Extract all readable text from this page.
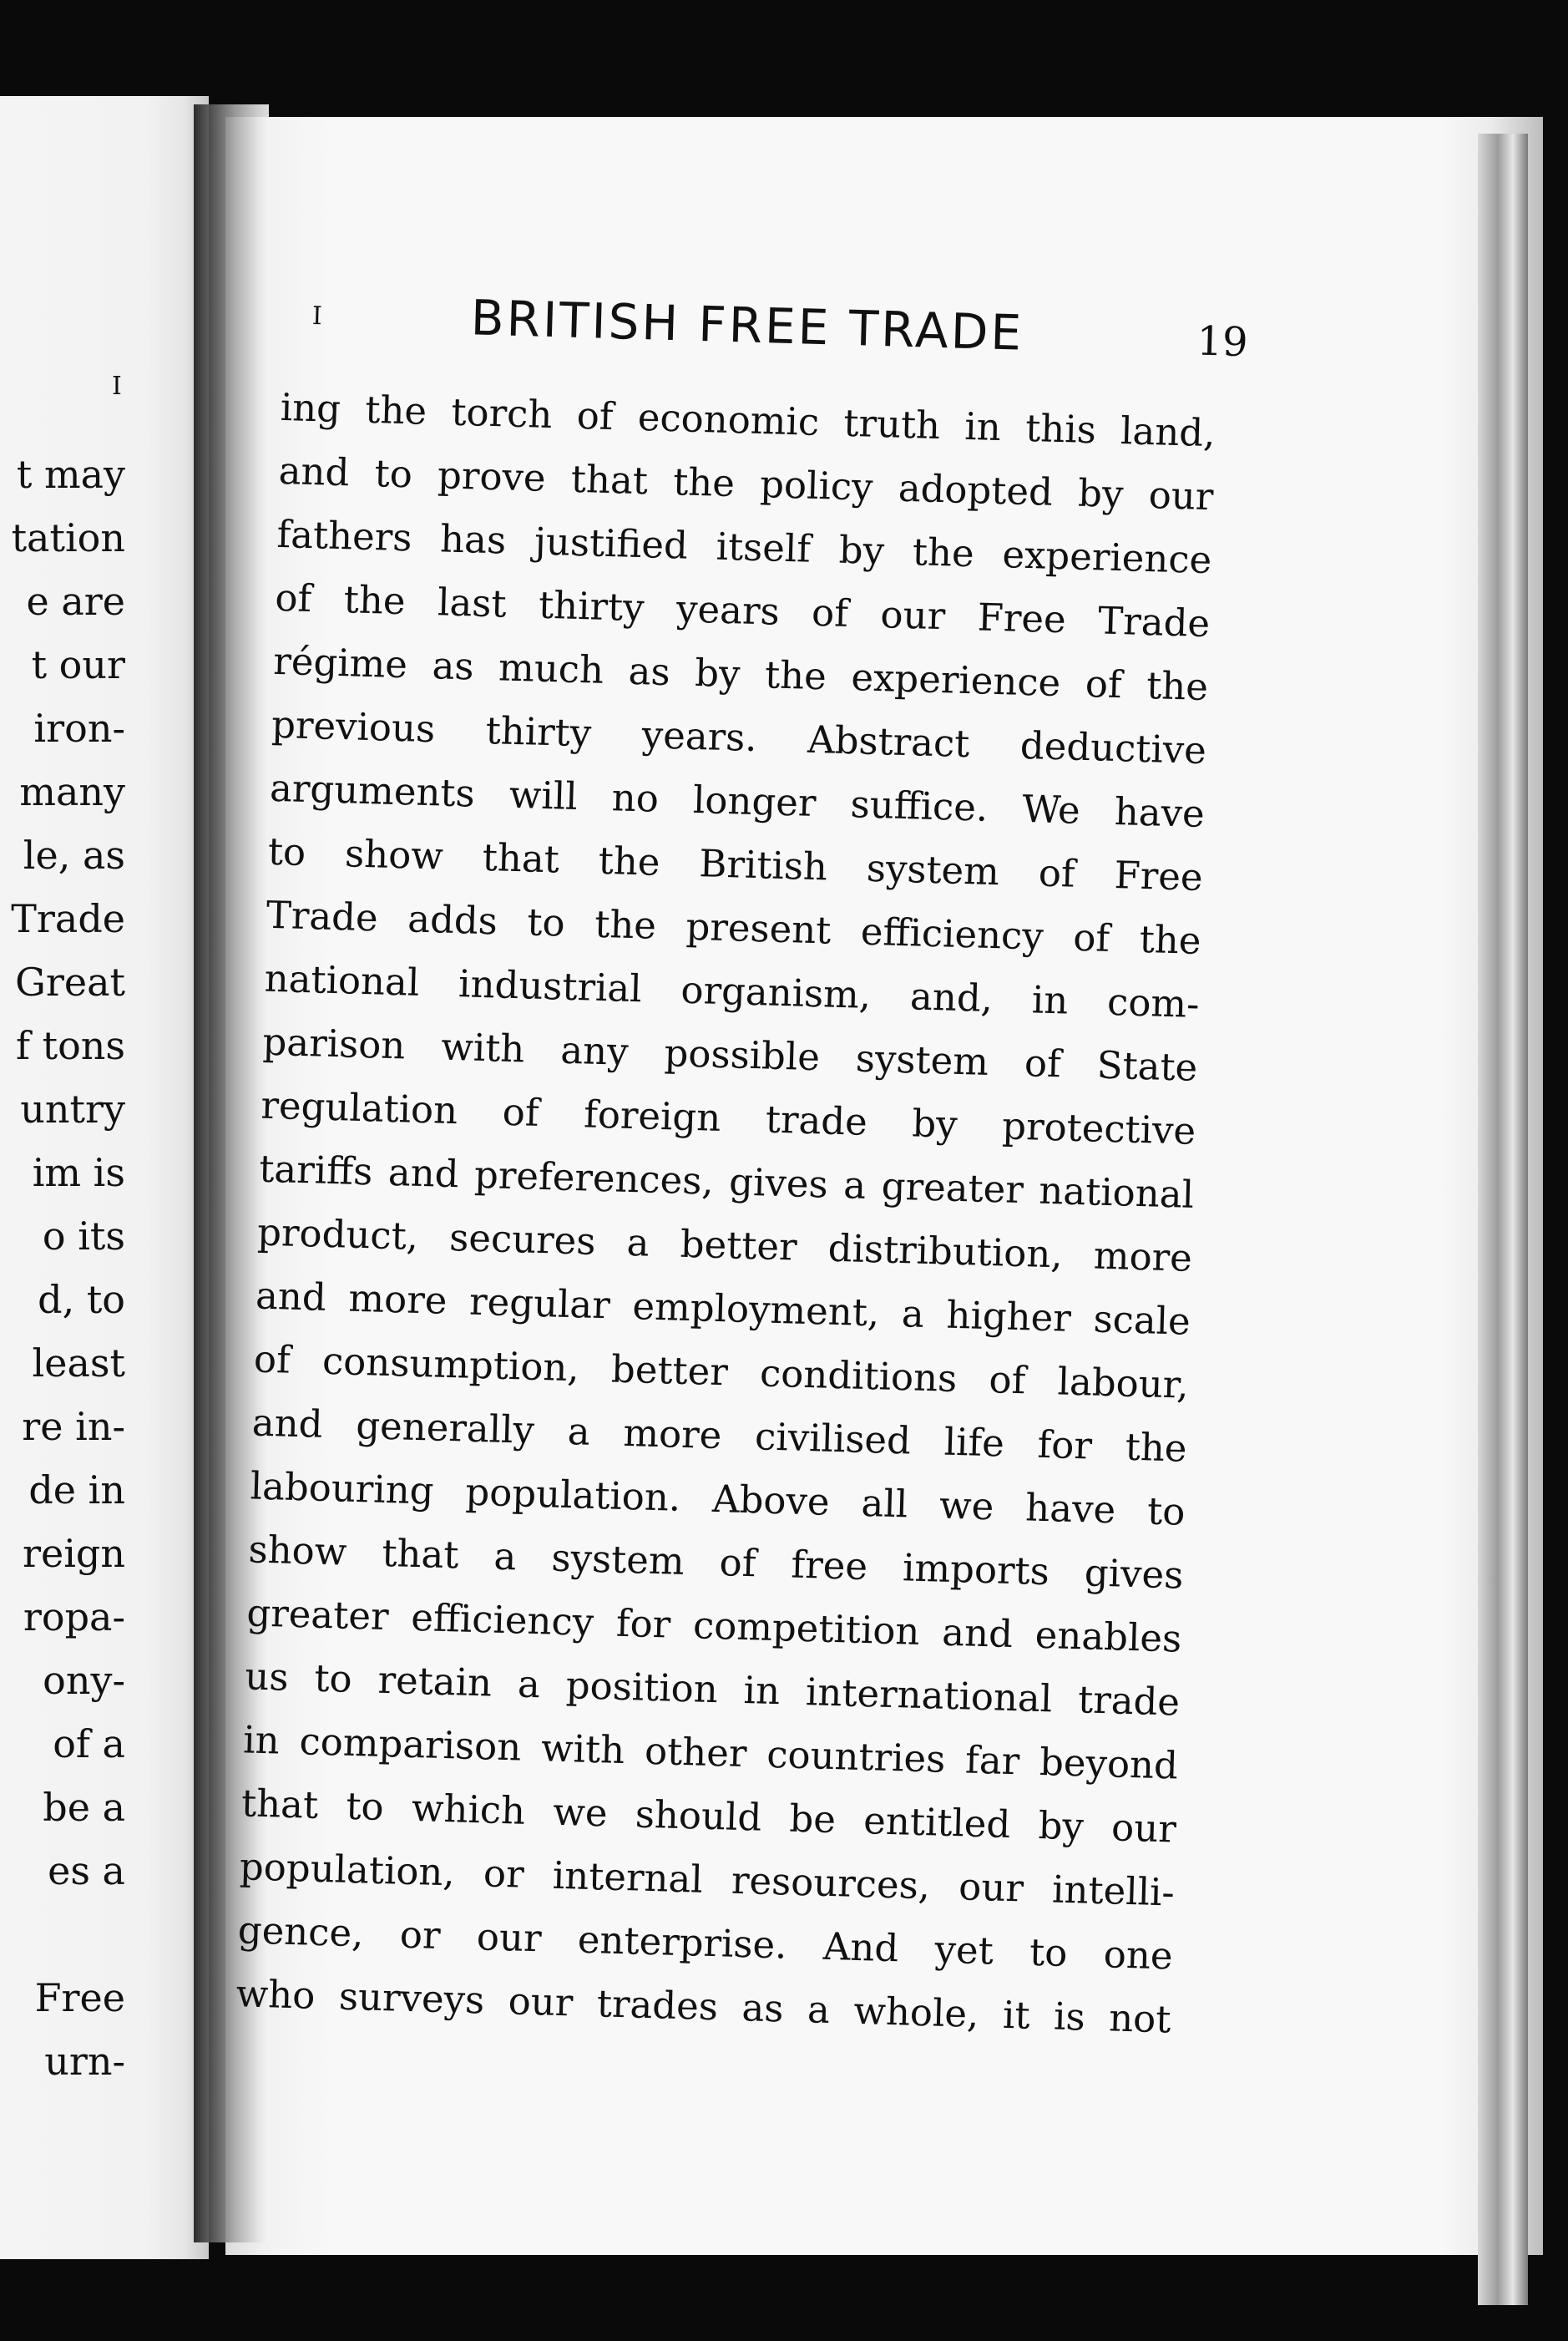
I
t may
tation
e are
t our
iron-
many
le, as
Trade
Great
f tons
untry
im is
o its
d, to
least
re in-
de in
reign
ropa-
ony-
of a
be a
es a
Free
urn-
I	BRITISH FREE TRADE	19
ing the torch of economic truth in this land,
and to prove that the policy adopted by our
fathers has justified itself by the experience
of the last thirty years of our Free Trade
régime as much as by the experience of the
previous thirty years. Abstract deductive
arguments will no longer suffice. We have
to show that the British system of Free
Trade adds to the present efficiency of the
national industrial organism, and, in com-
parison with any possible system of State
regulation of foreign trade by protective
tariffs and preferences, gives a greater national
product, secures a better distribution, more
and more regular employment, a higher scale
of consumption, better conditions of labour,
and generally a more civilised life for the
labouring population. Above all we have to
show that a system of free imports gives
greater efficiency for competition and enables
us to retain a position in international trade
in comparison with other countries far beyond
that to which we should be entitled by our
population, or internal resources, our intelli-
gence, or our enterprise. And yet to one
who surveys our trades as a whole, it is not
